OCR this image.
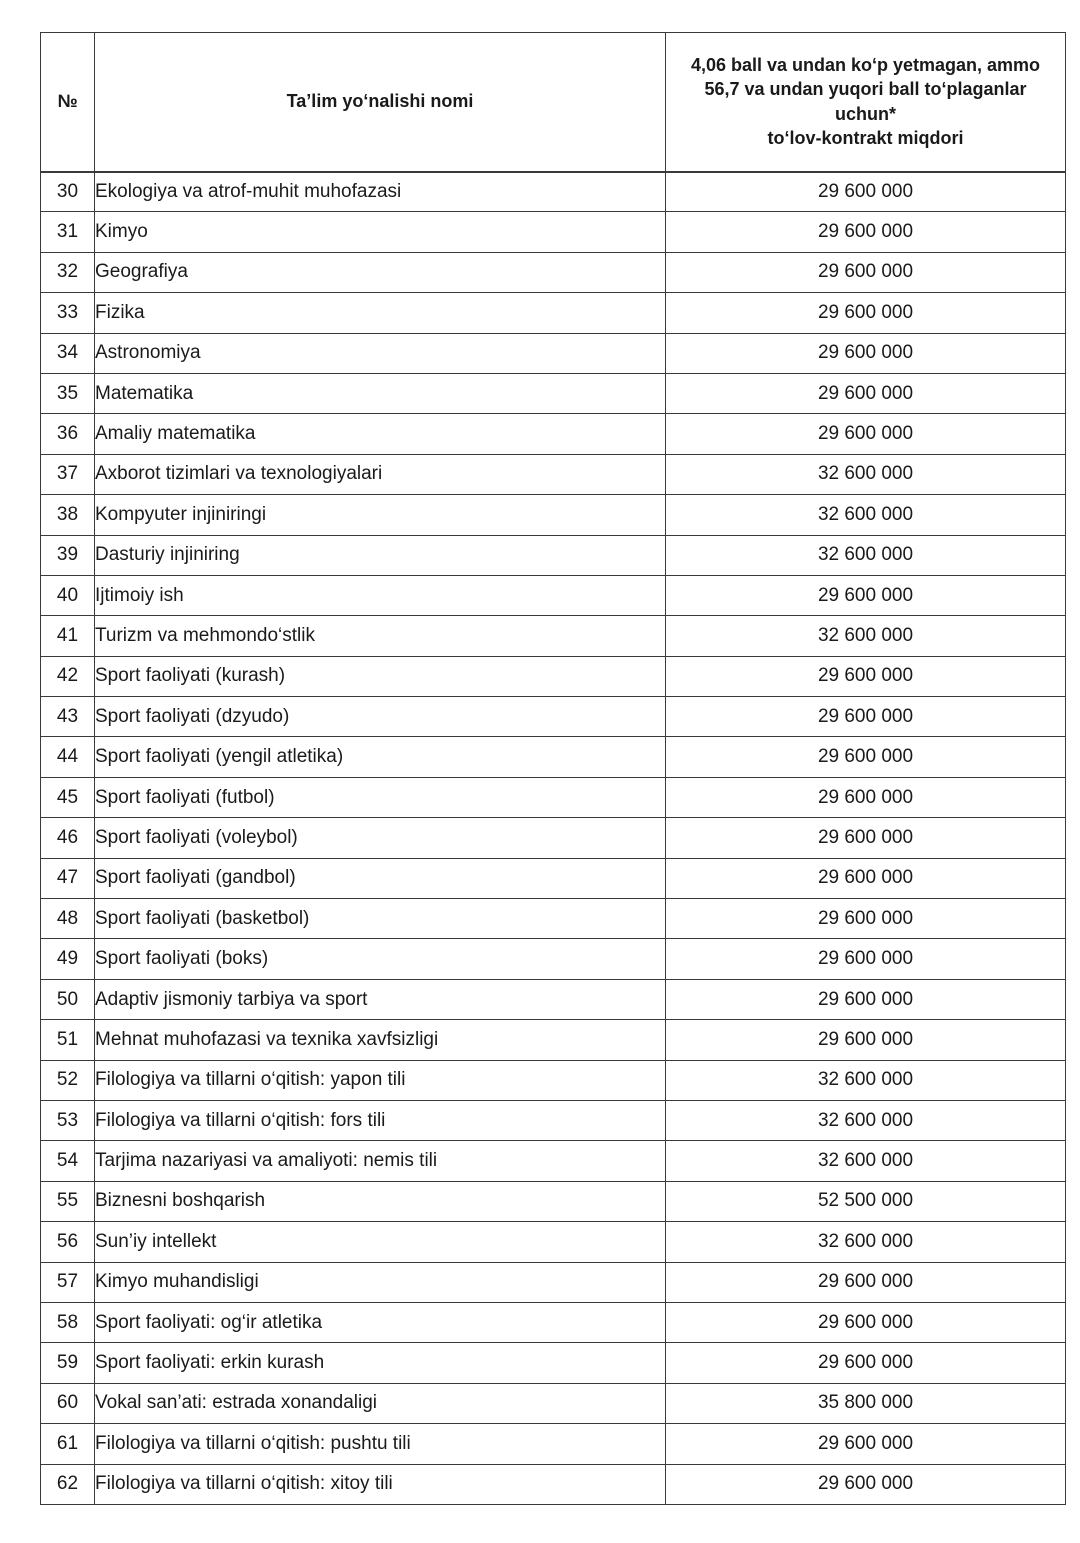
№	Ta’lim yo‘nalishi nomi	4,06 ball va undan ko‘p yetmagan, ammo
56,7 va undan yuqori ball to‘plaganlar
uchun*
to‘lov-kontrakt miqdori

30	Ekologiya va atrof-muhit muhofazasi	29 600 000
31	Kimyo	29 600 000
32	Geografiya	29 600 000
33	Fizika	29 600 000
34	Astronomiya	29 600 000
35	Matematika	29 600 000
36	Amaliy matematika	29 600 000
37	Axborot tizimlari va texnologiyalari	32 600 000
38	Kompyuter injiniringi	32 600 000
39	Dasturiy injiniring	32 600 000
40	Ijtimoiy ish	29 600 000
41	Turizm va mehmondo‘stlik	32 600 000
42	Sport faoliyati (kurash)	29 600 000
43	Sport faoliyati (dzyudo)	29 600 000
44	Sport faoliyati (yengil atletika)	29 600 000
45	Sport faoliyati (futbol)	29 600 000
46	Sport faoliyati (voleybol)	29 600 000
47	Sport faoliyati (gandbol)	29 600 000
48	Sport faoliyati (basketbol)	29 600 000
49	Sport faoliyati (boks)	29 600 000
50	Adaptiv jismoniy tarbiya va sport	29 600 000
51	Mehnat muhofazasi va texnika xavfsizligi	29 600 000
52	Filologiya va tillarni o‘qitish: yapon tili	32 600 000
53	Filologiya va tillarni o‘qitish: fors tili	32 600 000
54	Tarjima nazariyasi va amaliyoti: nemis tili	32 600 000
55	Biznesni boshqarish	52 500 000
56	Sun’iy intellekt	32 600 000
57	Kimyo muhandisligi	29 600 000
58	Sport faoliyati: og‘ir atletika	29 600 000
59	Sport faoliyati: erkin kurash	29 600 000
60	Vokal san’ati: estrada xonandaligi	35 800 000
61	Filologiya va tillarni o‘qitish: pushtu tili	29 600 000
62	Filologiya va tillarni o‘qitish: xitoy tili	29 600 000
